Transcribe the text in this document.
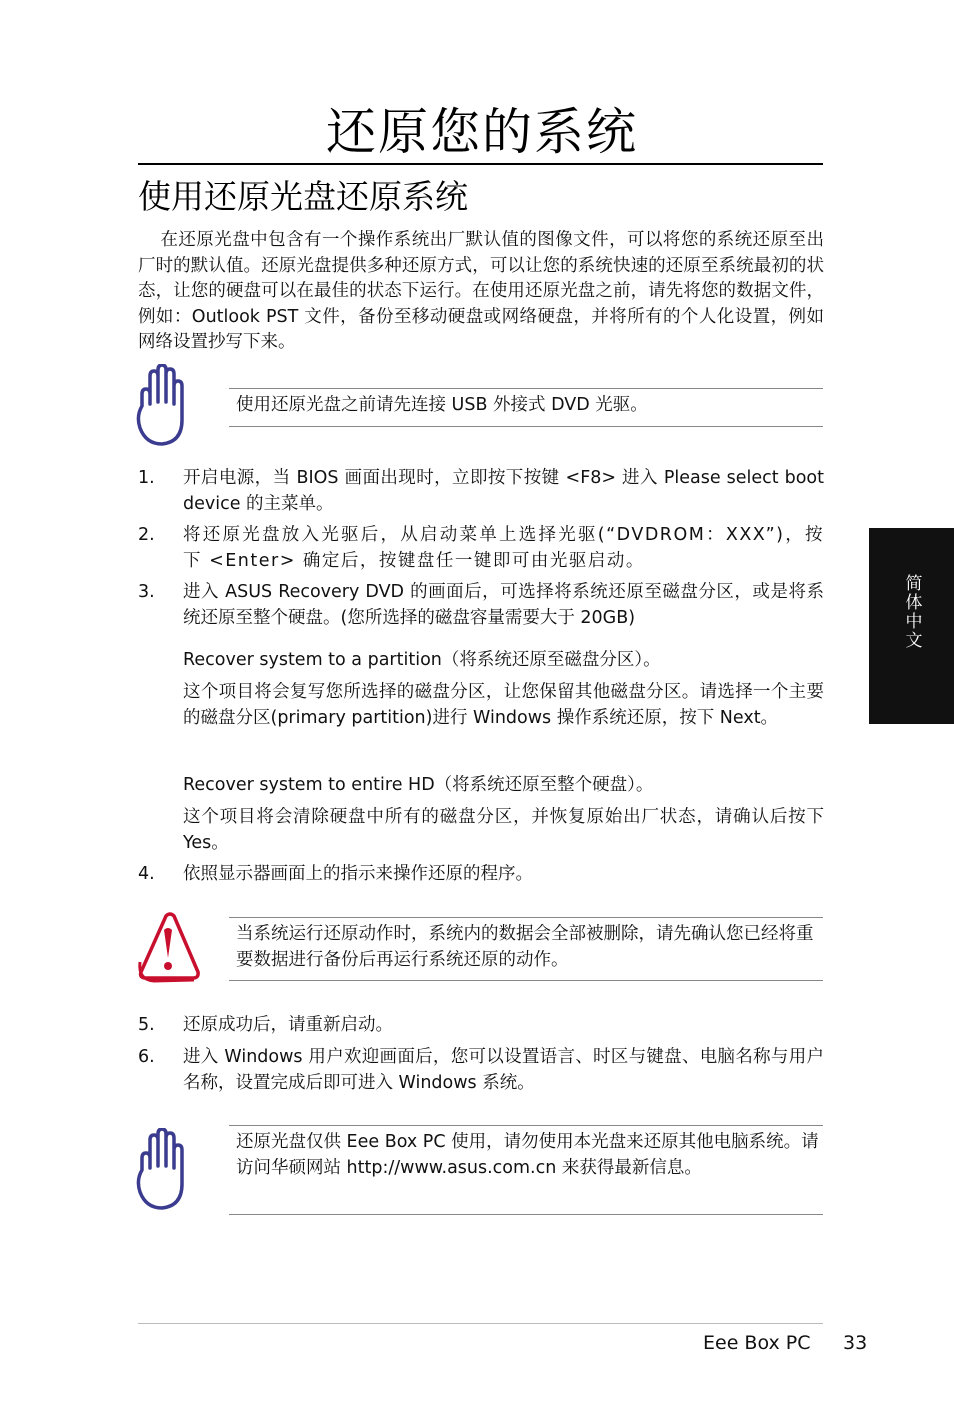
还原您的系统
使用还原光盘还原系统
在还原光盘中包含有一个操作系统出厂默认值的图像文件，可以将您的系统还原至出厂时的默认值。还原光盘提供多种还原方式，可以让您的系统快速的还原至系统最初的状态，让您的硬盘可以在最佳的状态下运行。在使用还原光盘之前，请先将您的数据文件，例如：Outlook PST 文件，备份至移动硬盘或网络硬盘，并将所有的个人化设置，例如网络设置抄写下来。
使用还原光盘之前请先连接 USB 外接式 DVD 光驱。
1. 开启电源，当 BIOS 画面出现时，立即按下按键 <F8> 进入 Please select boot device 的主菜单。
2. 将还原光盘放入光驱后，从启动菜单上选择光驱(“DVDROM：XXX”)，按下 <Enter> 确定后，按键盘任一键即可由光驱启动。
3. 进入 ASUS Recovery DVD 的画面后，可选择将系统还原至磁盘分区，或是将系统还原至整个硬盘。(您所选择的磁盘容量需要大于 20GB)
Recover system to a partition（将系统还原至磁盘分区）。
这个项目将会复写您所选择的磁盘分区，让您保留其他磁盘分区。请选择一个主要的磁盘分区(primary partition)进行 Windows 操作系统还原，按下 Next。
Recover system to entire HD（将系统还原至整个硬盘）。
这个项目将会清除硬盘中所有的磁盘分区，并恢复原始出厂状态，请确认后按下 Yes。
4. 依照显示器画面上的指示来操作还原的程序。
当系统运行还原动作时，系统内的数据会全部被删除，请先确认您已经将重要数据进行备份后再运行系统还原的动作。
5. 还原成功后，请重新启动。
6. 进入 Windows 用户欢迎画面后，您可以设置语言、时区与键盘、电脑名称与用户名称，设置完成后即可进入 Windows 系统。
还原光盘仅供 Eee Box PC 使用，请勿使用本光盘来还原其他电脑系统。请访问华硕网站 http://www.asus.com.cn 来获得最新信息。
简体中文
Eee Box PC 33
